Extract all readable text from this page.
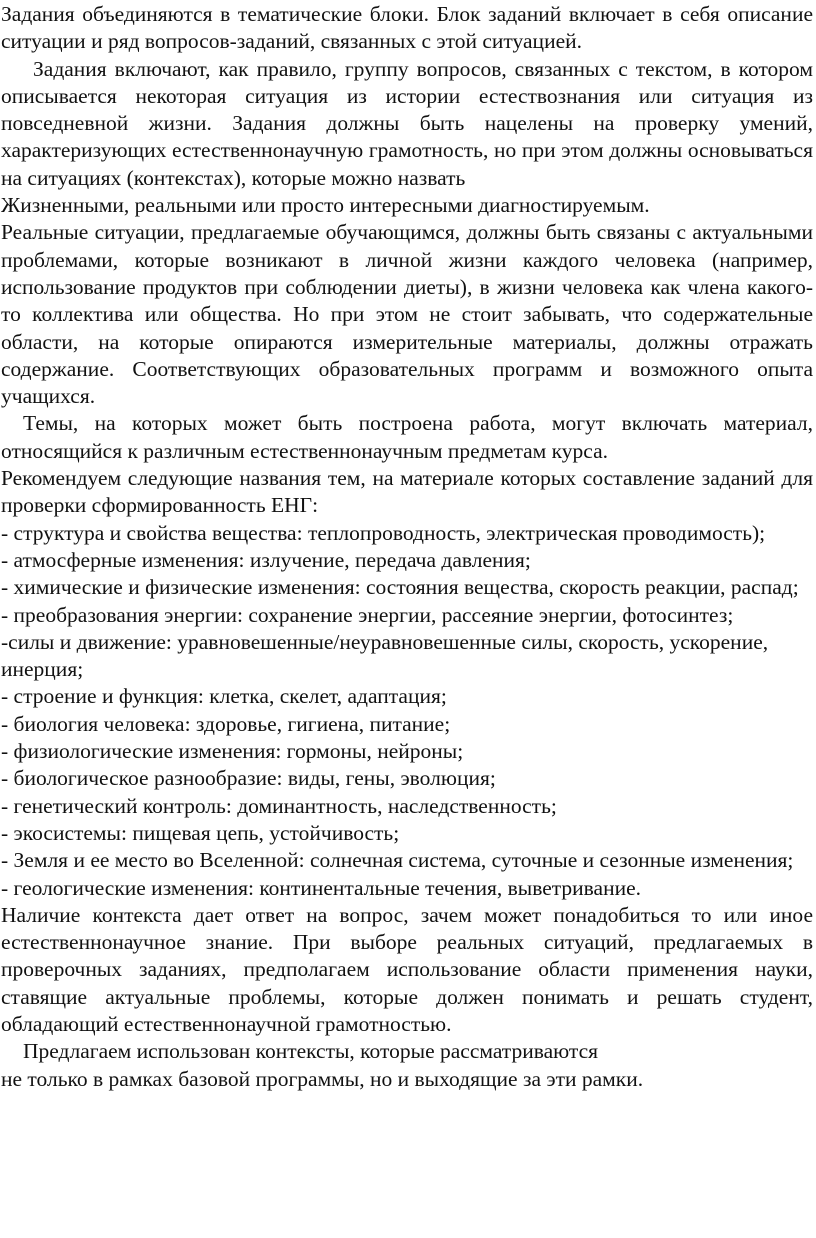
Задания объединяются в тематические блоки. Блок заданий включает в себя описание ситуации и ряд вопросов-заданий, связанных с этой ситуацией.

Задания включают, как правило, группу вопросов, связанных с текстом, в котором описывается некоторая ситуация из истории естествознания или ситуация из повседневной жизни. Задания должны быть нацелены на проверку умений, характеризующих естественнонаучную грамотность, но при этом должны основываться на ситуациях (контекстах), которые можно назвать

Жизненными, реальными или просто интересными диагностируемым.

Реальные ситуации, предлагаемые обучающимся, должны быть связаны с актуальными проблемами, которые возникают в личной жизни каждого человека (например, использование продуктов при соблюдении диеты), в жизни человека как члена какого-то коллектива или общества. Но при этом не стоит забывать, что содержательные области, на которые опираются измерительные материалы, должны отражать содержание. Соответствующих образовательных программ и возможного опыта учащихся.

Темы, на которых может быть построена работа, могут включать материал, относящийся к различным естественнонаучным предметам курса.

Рекомендуем следующие названия тем, на материале которых составление заданий для проверки сформированность ЕНГ:

- структура и свойства вещества: теплопроводность, электрическая проводимость);

- атмосферные изменения: излучение, передача давления;

- химические и физические изменения: состояния вещества, скорость реакции, распад;

- преобразования энергии: сохранение энергии, рассеяние энергии, фотосинтез;

-силы и движение: уравновешенные/неуравновешенные силы, скорость, ускорение, инерция;

- строение и функция: клетка, скелет, адаптация;

- биология человека: здоровье, гигиена, питание;

- физиологические изменения: гормоны, нейроны;

- биологическое разнообразие: виды, гены, эволюция;

- генетический контроль: доминантность, наследственность;

- экосистемы: пищевая цепь, устойчивость;

- Земля и ее место во Вселенной: солнечная система, суточные и сезонные изменения;

- геологические изменения: континентальные течения, выветривание.

Наличие контекста дает ответ на вопрос, зачем может понадобиться то или иное естественнонаучное знание. При выборе реальных ситуаций, предлагаемых в проверочных заданиях, предполагаем использование области применения науки, ставящие актуальные проблемы, которые должен понимать и решать студент, обладающий естественнонаучной грамотностью.

Предлагаем использован контексты, которые рассматриваются

не только в рамках базовой программы, но и выходящие за эти рамки.
